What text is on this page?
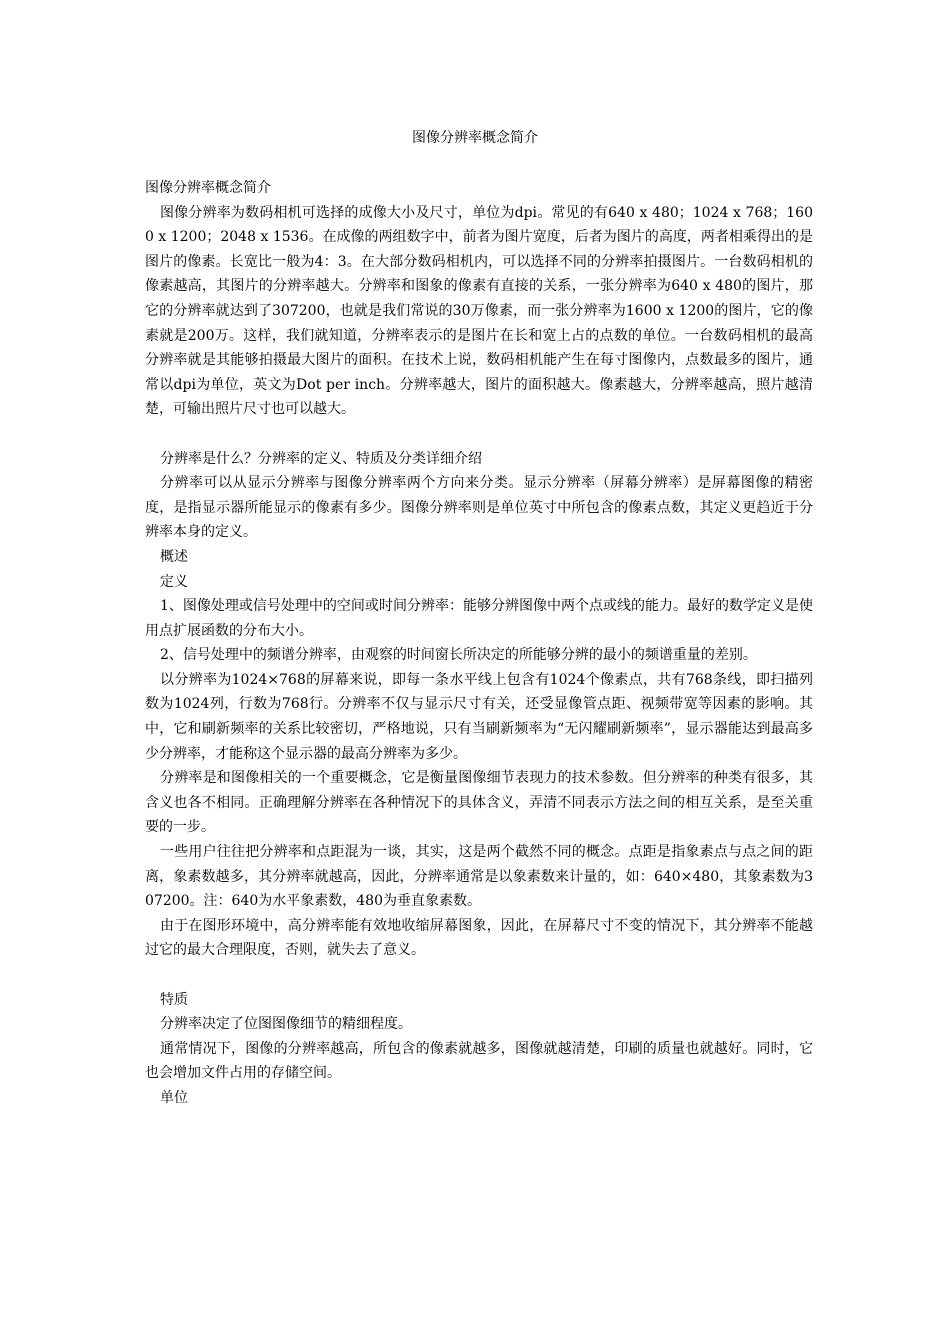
图像分辨率概念简介

图像分辨率概念简介

图像分辨率为数码相机可选择的成像大小及尺寸，单位为dpi。常见的有640 x 480；1024 x 768；1600 x 1200；2048 x 1536。在成像的两组数字中，前者为图片宽度，后者为图片的高度，两者相乘得出的是图片的像素。长宽比一般为4：3。在大部分数码相机内，可以选择不同的分辨率拍摄图片。一台数码相机的像素越高，其图片的分辨率越大。分辨率和图象的像素有直接的关系，一张分辨率为640 x 480的图片，那它的分辨率就达到了307200，也就是我们常说的30万像素，而一张分辨率为1600 x 1200的图片，它的像素就是200万。这样，我们就知道，分辨率表示的是图片在长和宽上占的点数的单位。一台数码相机的最高分辨率就是其能够拍摄最大图片的面积。在技术上说，数码相机能产生在每寸图像内，点数最多的图片，通常以dpi为单位，英文为Dot per inch。分辨率越大，图片的面积越大。像素越大，分辨率越高，照片越清楚，可输出照片尺寸也可以越大。

分辨率是什么？分辨率的定义、特质及分类详细介绍

分辨率可以从显示分辨率与图像分辨率两个方向来分类。显示分辨率（屏幕分辨率）是屏幕图像的精密度，是指显示器所能显示的像素有多少。图像分辨率则是单位英寸中所包含的像素点数，其定义更趋近于分辨率本身的定义。

概述

定义

1、图像处理或信号处理中的空间或时间分辨率：能够分辨图像中两个点或线的能力。最好的数学定义是使用点扩展函数的分布大小。

2、信号处理中的频谱分辨率，由观察的时间窗长所决定的所能够分辨的最小的频谱重量的差别。

以分辨率为1024×768的屏幕来说，即每一条水平线上包含有1024个像素点，共有768条线，即扫描列数为1024列，行数为768行。分辨率不仅与显示尺寸有关，还受显像管点距、视频带宽等因素的影响。其中，它和刷新频率的关系比较密切，严格地说，只有当刷新频率为“无闪耀刷新频率”，显示器能达到最高多少分辨率，才能称这个显示器的最高分辨率为多少。

分辨率是和图像相关的一个重要概念，它是衡量图像细节表现力的技术参数。但分辨率的种类有很多，其含义也各不相同。正确理解分辨率在各种情况下的具体含义，弄清不同表示方法之间的相互关系，是至关重要的一步。

一些用户往往把分辨率和点距混为一谈，其实，这是两个截然不同的概念。点距是指象素点与点之间的距离，象素数越多，其分辨率就越高，因此，分辨率通常是以象素数来计量的，如：640×480，其象素数为307200。注：640为水平象素数，480为垂直象素数。

由于在图形环境中，高分辨率能有效地收缩屏幕图象，因此，在屏幕尺寸不变的情况下，其分辨率不能越过它的最大合理限度，否则，就失去了意义。

特质

分辨率决定了位图图像细节的精细程度。

通常情况下，图像的分辨率越高，所包含的像素就越多，图像就越清楚，印刷的质量也就越好。同时，它也会增加文件占用的存储空间。

单位
